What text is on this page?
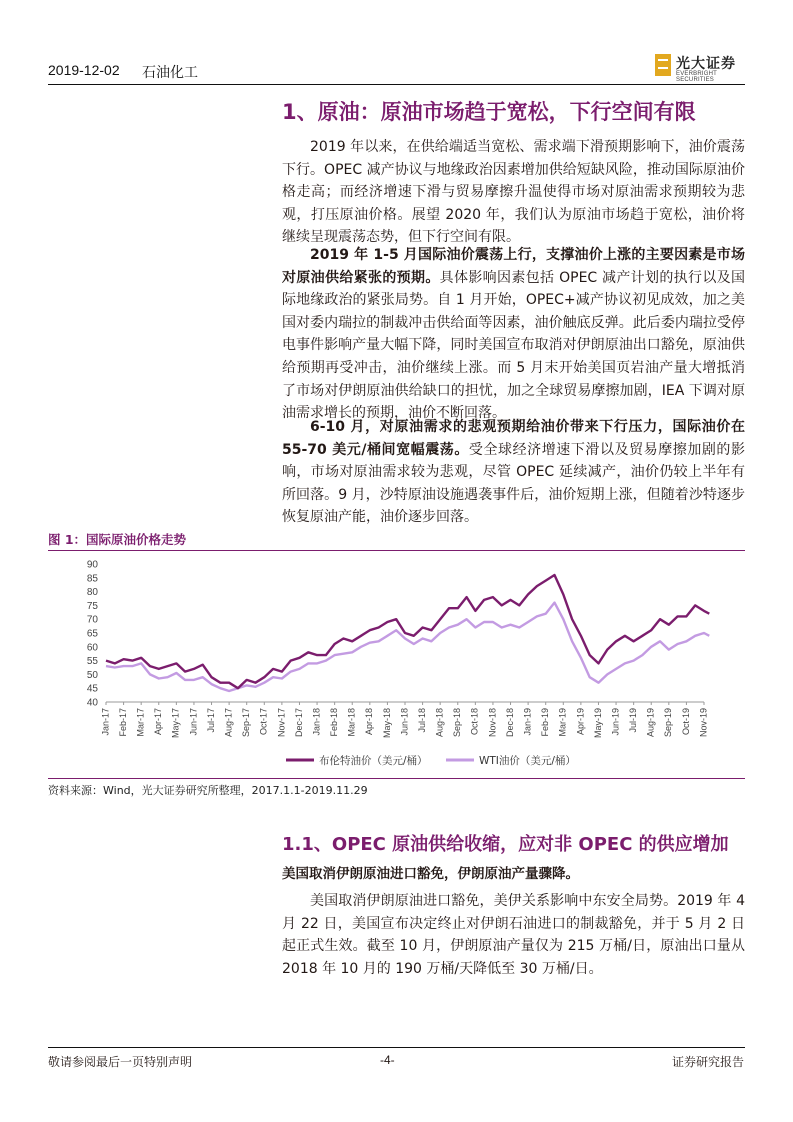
2019-12-02 石油化工
光大证券
EVERBRIGHT SECURITIES
1、原油：原油市场趋于宽松，下行空间有限
2019 年以来，在供给端适当宽松、需求端下滑预期影响下，油价震荡下行。OPEC 减产协议与地缘政治因素增加供给短缺风险，推动国际原油价格走高；而经济增速下滑与贸易摩擦升温使得市场对原油需求预期较为悲观，打压原油价格。展望 2020 年，我们认为原油市场趋于宽松，油价将继续呈现震荡态势，但下行空间有限。
2019 年 1-5 月国际油价震荡上行，支撑油价上涨的主要因素是市场对原油供给紧张的预期。具体影响因素包括 OPEC 减产计划的执行以及国际地缘政治的紧张局势。自 1 月开始，OPEC+减产协议初见成效，加之美国对委内瑞拉的制裁冲击供给面等因素，油价触底反弹。此后委内瑞拉受停电事件影响产量大幅下降，同时美国宣布取消对伊朗原油出口豁免，原油供给预期再受冲击，油价继续上涨。而 5 月末开始美国页岩油产量大增抵消了市场对伊朗原油供给缺口的担忧，加之全球贸易摩擦加剧，IEA 下调对原油需求增长的预期，油价不断回落。
6-10 月，对原油需求的悲观预期给油价带来下行压力，国际油价在 55-70 美元/桶间宽幅震荡。受全球经济增速下滑以及贸易摩擦加剧的影响，市场对原油需求较为悲观，尽管 OPEC 延续减产，油价仍较上半年有所回落。9 月，沙特原油设施遇袭事件后，油价短期上涨，但随着沙特逐步恢复原油产能，油价逐步回落。
图 1：国际原油价格走势
40
45
50
55
60
65
70
75
80
85
90
Jan-17 Feb-17 Mar-17 Apr-17 May-17 Jun-17 Jul-17 Aug-17 Sep-17 Oct-17 Nov-17 Dec-17 Jan-18 Feb-18 Mar-18 Apr-18 May-18 Jun-18 Jul-18 Aug-18 Sep-18 Oct-18 Nov-18 Dec-18 Jan-19 Feb-19 Mar-19 Apr-19 May-19 Jun-19 Jul-19 Aug-19 Sep-19 Oct-19 Nov-19
布伦特油价（美元/桶）	WTI油价（美元/桶）
资料来源：Wind，光大证券研究所整理，2017.1.1-2019.11.29
1.1、OPEC 原油供给收缩，应对非 OPEC 的供应增加
美国取消伊朗原油进口豁免，伊朗原油产量骤降。
美国取消伊朗原油进口豁免，美伊关系影响中东安全局势。2019 年 4 月 22 日，美国宣布决定终止对伊朗石油进口的制裁豁免，并于 5 月 2 日起正式生效。截至 10 月，伊朗原油产量仅为 215 万桶/日，原油出口量从 2018 年 10 月的 190 万桶/天降低至 30 万桶/日。
敬请参阅最后一页特别声明	-4-	证券研究报告
